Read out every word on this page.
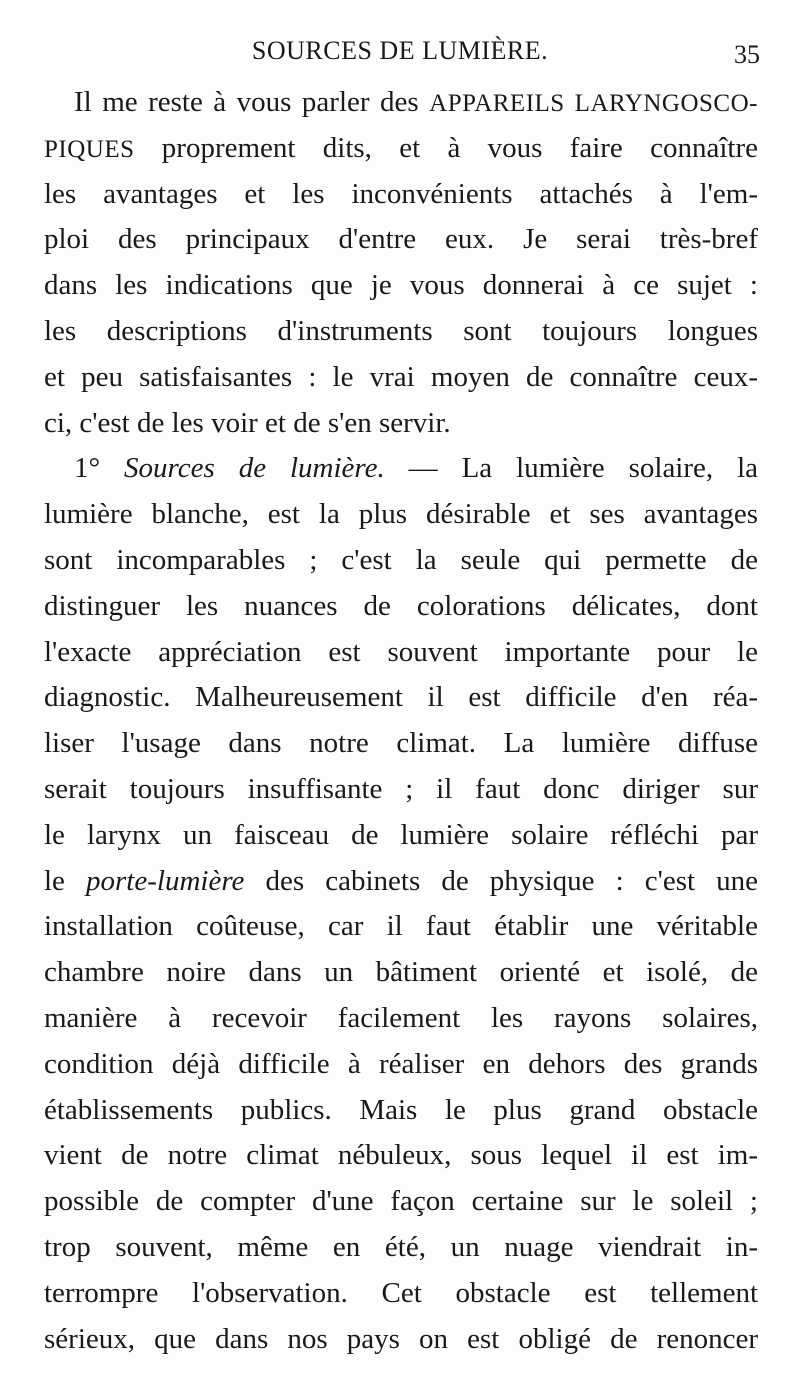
SOURCES DE LUMIÈRE.	35
Il me reste à vous parler des APPAREILS LARYNGOSCO-
PIQUES proprement dits, et à vous faire connaître
les avantages et les inconvénients attachés à l'em-
ploi des principaux d'entre eux. Je serai très-bref
dans les indications que je vous donnerai à ce sujet :
les descriptions d'instruments sont toujours longues
et peu satisfaisantes : le vrai moyen de connaître ceux-
ci, c'est de les voir et de s'en servir.
1° Sources de lumière. — La lumière solaire, la
lumière blanche, est la plus désirable et ses avantages
sont incomparables ; c'est la seule qui permette de
distinguer les nuances de colorations délicates, dont
l'exacte appréciation est souvent importante pour le
diagnostic. Malheureusement il est difficile d'en réa-
liser l'usage dans notre climat. La lumière diffuse
serait toujours insuffisante ; il faut donc diriger sur
le larynx un faisceau de lumière solaire réfléchi par
le porte-lumière des cabinets de physique : c'est une
installation coûteuse, car il faut établir une véritable
chambre noire dans un bâtiment orienté et isolé, de
manière à recevoir facilement les rayons solaires,
condition déjà difficile à réaliser en dehors des grands
établissements publics. Mais le plus grand obstacle
vient de notre climat nébuleux, sous lequel il est im-
possible de compter d'une façon certaine sur le soleil ;
trop souvent, même en été, un nuage viendrait in-
terrompre l'observation. Cet obstacle est tellement
sérieux, que dans nos pays on est obligé de renoncer
